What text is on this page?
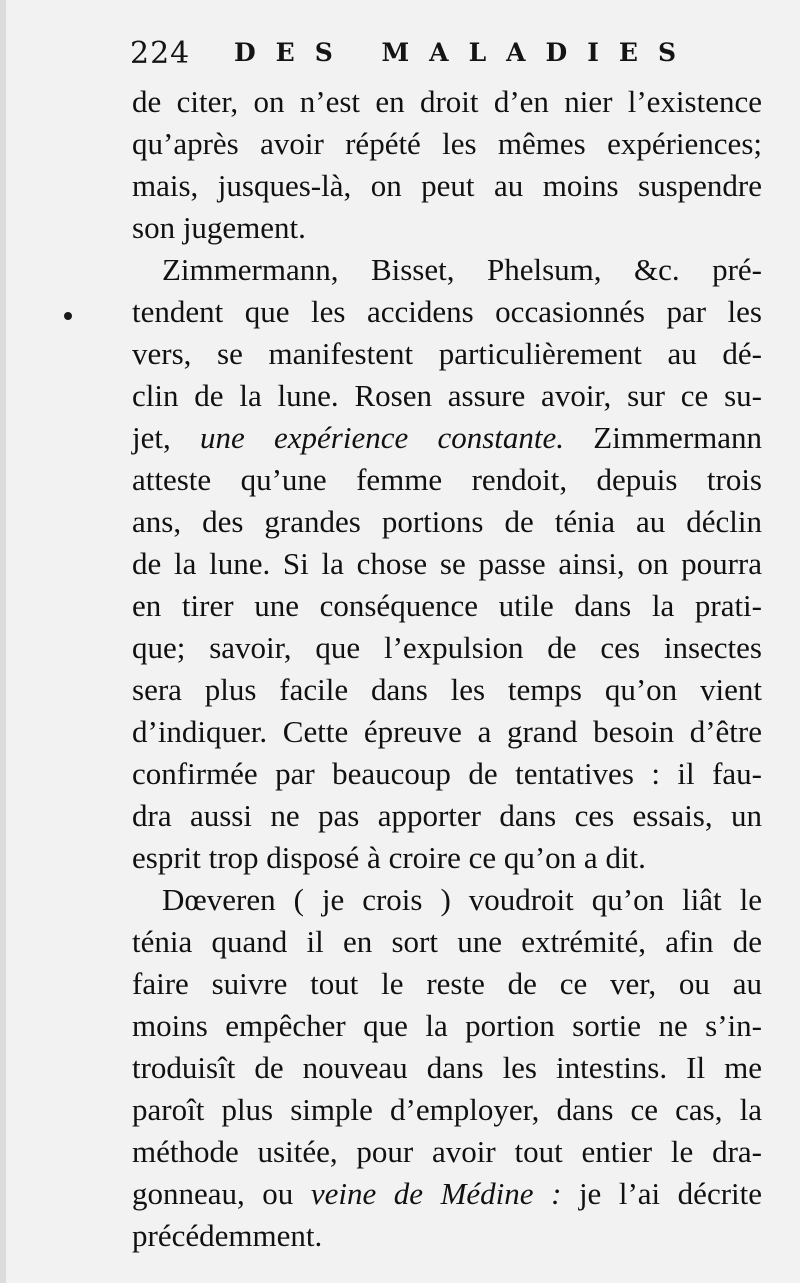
224 DES MALADIES
de citer, on n’est en droit d’en nier l’existence
qu’après avoir répété les mêmes expériences;
mais, jusques-là, on peut au moins suspendre
son jugement.
Zimmermann, Bisset, Phelsum, &c. pré-
tendent que les accidens occasionnés par les
vers, se manifestent particulièrement au dé-
clin de la lune. Rosen assure avoir, sur ce su-
jet, une expérience constante. Zimmermann
atteste qu’une femme rendoit, depuis trois
ans, des grandes portions de ténia au déclin
de la lune. Si la chose se passe ainsi, on pourra
en tirer une conséquence utile dans la prati-
que; savoir, que l’expulsion de ces insectes
sera plus facile dans les temps qu’on vient
d’indiquer. Cette épreuve a grand besoin d’être
confirmée par beaucoup de tentatives : il fau-
dra aussi ne pas apporter dans ces essais, un
esprit trop disposé à croire ce qu’on a dit.
Dœveren ( je crois ) voudroit qu’on liât le
ténia quand il en sort une extrémité, afin de
faire suivre tout le reste de ce ver, ou au
moins empêcher que la portion sortie ne s’in-
troduisît de nouveau dans les intestins. Il me
paroît plus simple d’employer, dans ce cas, la
méthode usitée, pour avoir tout entier le dra-
gonneau, ou veine de Médine : je l’ai décrite
précédemment.
